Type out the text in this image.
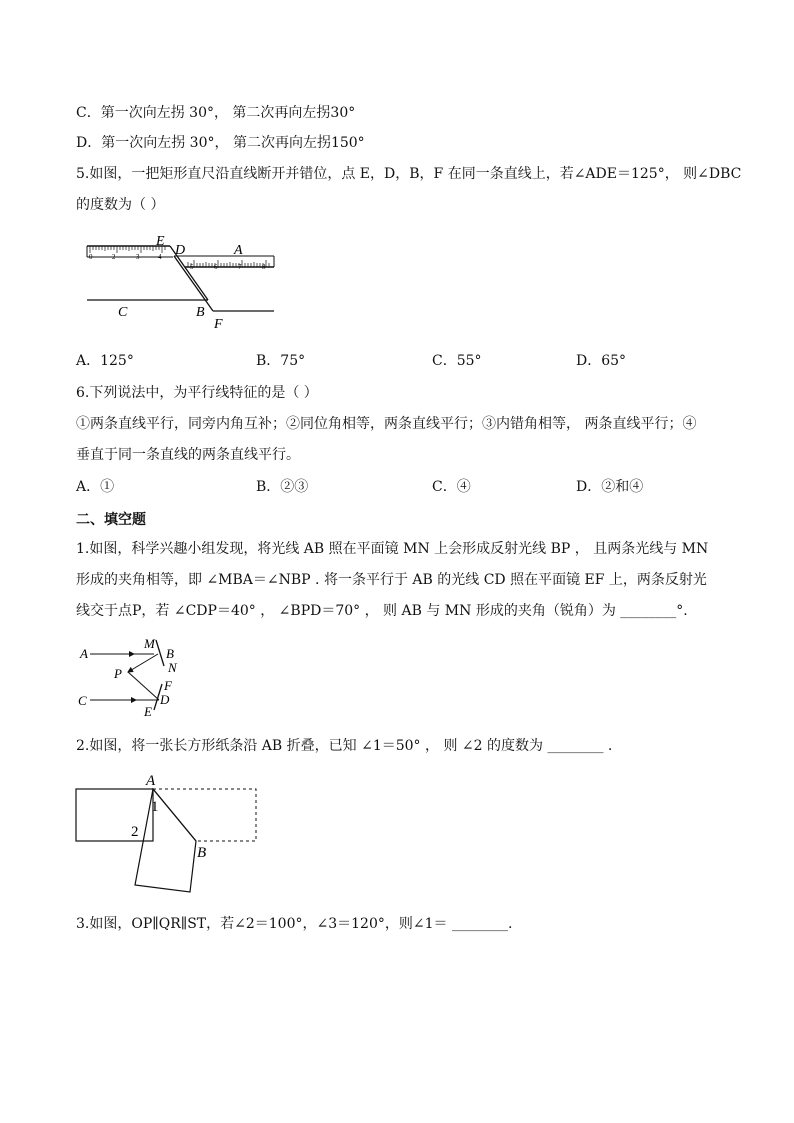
C．第一次向左拐 30°， 第二次再向左拐30°
D．第一次向左拐 30°， 第二次再向左拐150°
5.如图，一把矩形直尺沿直线断开并错位，点 E，D，B，F 在同一条直线上，若∠ADE＝125°， 则∠DBC
的度数为（ ）
0	2	3	4
5	6	7	8
E
D	A
C	B
F
A．125°	B．75°	C．55°	D．65°
6.下列说法中，为平行线特征的是（ ）
①两条直线平行，同旁内角互补；②同位角相等，两条直线平行；③内错角相等， 两条直线平行；④
垂直于同一条直线的两条直线平行。
A．①	B．②③	C．④	D．②和④
二、填空题
1.如图，科学兴趣小组发现，将光线 AB 照在平面镜 MN 上会形成反射光线 BP ， 且两条光线与 MN
形成的夹角相等，即 ∠MBA＝∠NBP . 将一条平行于 AB 的光线 CD 照在平面镜 EF 上，两条反射光
线交于点P，若 ∠CDP＝40° ， ∠BPD＝70° ， 则 AB 与 MN 形成的夹角（锐角）为 ________°.
A
M
B
N
P
F
C	D
E
2.如图，将一张长方形纸条沿 AB 折叠，已知 ∠1＝50° ， 则 ∠2 的度数为 ________ .
A
B
1
2
3.如图，OP∥QR∥ST，若∠2＝100°，∠3＝120°，则∠1＝ ________.
